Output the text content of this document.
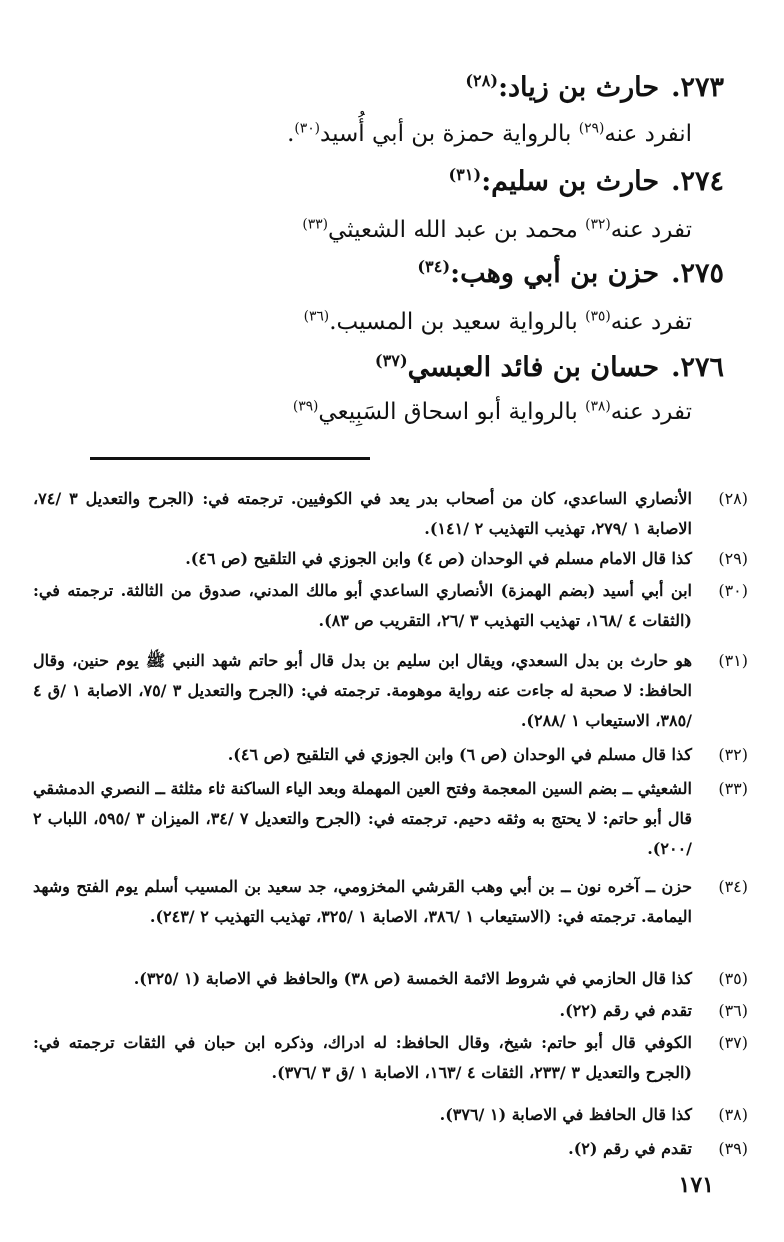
٢٧٣.حارث بن زياد:$^{(٢٨)}$
انفرد عنه$^{(٢٩)}$ بالرواية حمزة بن أبي أُسيد$^{(٣٠)}$.
٢٧٤.حارث بن سليم:$^{(٣١)}$
تفرد عنه$^{(٣٢)}$ محمد بن عبد الله الشعيثي$^{(٣٣)}$
٢٧٥.حزن بن أبي وهب:$^{(٣٤)}$
تفرد عنه$^{(٣٥)}$ بالرواية سعيد بن المسيب.$^{(٣٦)}$
٢٧٦.حسان بن فائد العبسي$^{(٣٧)}$
تفرد عنه$^{(٣٨)}$ بالرواية أبو اسحاق السَبِيعي$^{(٣٩)}$
(٢٨)
الأنصاري الساعدي، كان من أصحاب بدر يعد في الكوفيين. ترجمته في: (الجرح والتعديل ٣ /٧٤، الاصابة ١ /٢٧٩، تهذيب التهذيب ٢ /١٤١).
(٢٩)
كذا قال الامام مسلم في الوحدان (ص ٤) وابن الجوزي في التلقيح (ص ٤٦).
(٣٠)
ابن أبي أسيد (بضم الهمزة) الأنصاري الساعدي أبو مالك المدني، صدوق من الثالثة. ترجمته في: (الثقات ٤ /١٦٨، تهذيب التهذيب ٣ /٢٦، التقريب ص ٨٣).
(٣١)
هو حارث بن بدل السعدي، ويقال ابن سليم بن بدل قال أبو حاتم شهد النبي ﷺ يوم حنين، وقال الحافظ: لا صحبة له جاءت عنه رواية موهومة. ترجمته في: (الجرح والتعديل ٣ /٧٥، الاصابة ١ /ق ٤ /٣٨٥، الاستيعاب ١ /٢٨٨).
(٣٢)
كذا قال مسلم في الوحدان (ص ٦) وابن الجوزي في التلقيح (ص ٤٦).
(٣٣)
الشعيثي ــ بضم السين المعجمة وفتح العين المهملة وبعد الياء الساكنة ثاء مثلثة ــ النصري الدمشقي قال أبو حاتم: لا يحتج به وثقه دحيم. ترجمته في: (الجرح والتعديل ٧ /٣٤، الميزان ٣ /٥٩٥، اللباب ٢ /٢٠٠).
(٣٤)
حزن ــ آخره نون ــ بن أبي وهب القرشي المخزومي، جد سعيد بن المسيب أسلم يوم الفتح وشهد اليمامة. ترجمته في: (الاستيعاب ١ /٣٨٦، الاصابة ١ /٣٢٥، تهذيب التهذيب ٢ /٢٤٣).
(٣٥)
كذا قال الحازمي في شروط الائمة الخمسة (ص ٣٨) والحافظ في الاصابة (١ /٣٢٥).
(٣٦)
تقدم في رقم (٢٢).
(٣٧)
الكوفي قال أبو حاتم: شيخ، وقال الحافظ: له ادراك، وذكره ابن حبان في الثقات ترجمته في: (الجرح والتعديل ٣ /٢٣٣، الثقات ٤ /١٦٣، الاصابة ١ /ق ٣ /٣٧٦).
(٣٨)
كذا قال الحافظ في الاصابة (١ /٣٧٦).
(٣٩)
تقدم في رقم (٢).
١٧١
